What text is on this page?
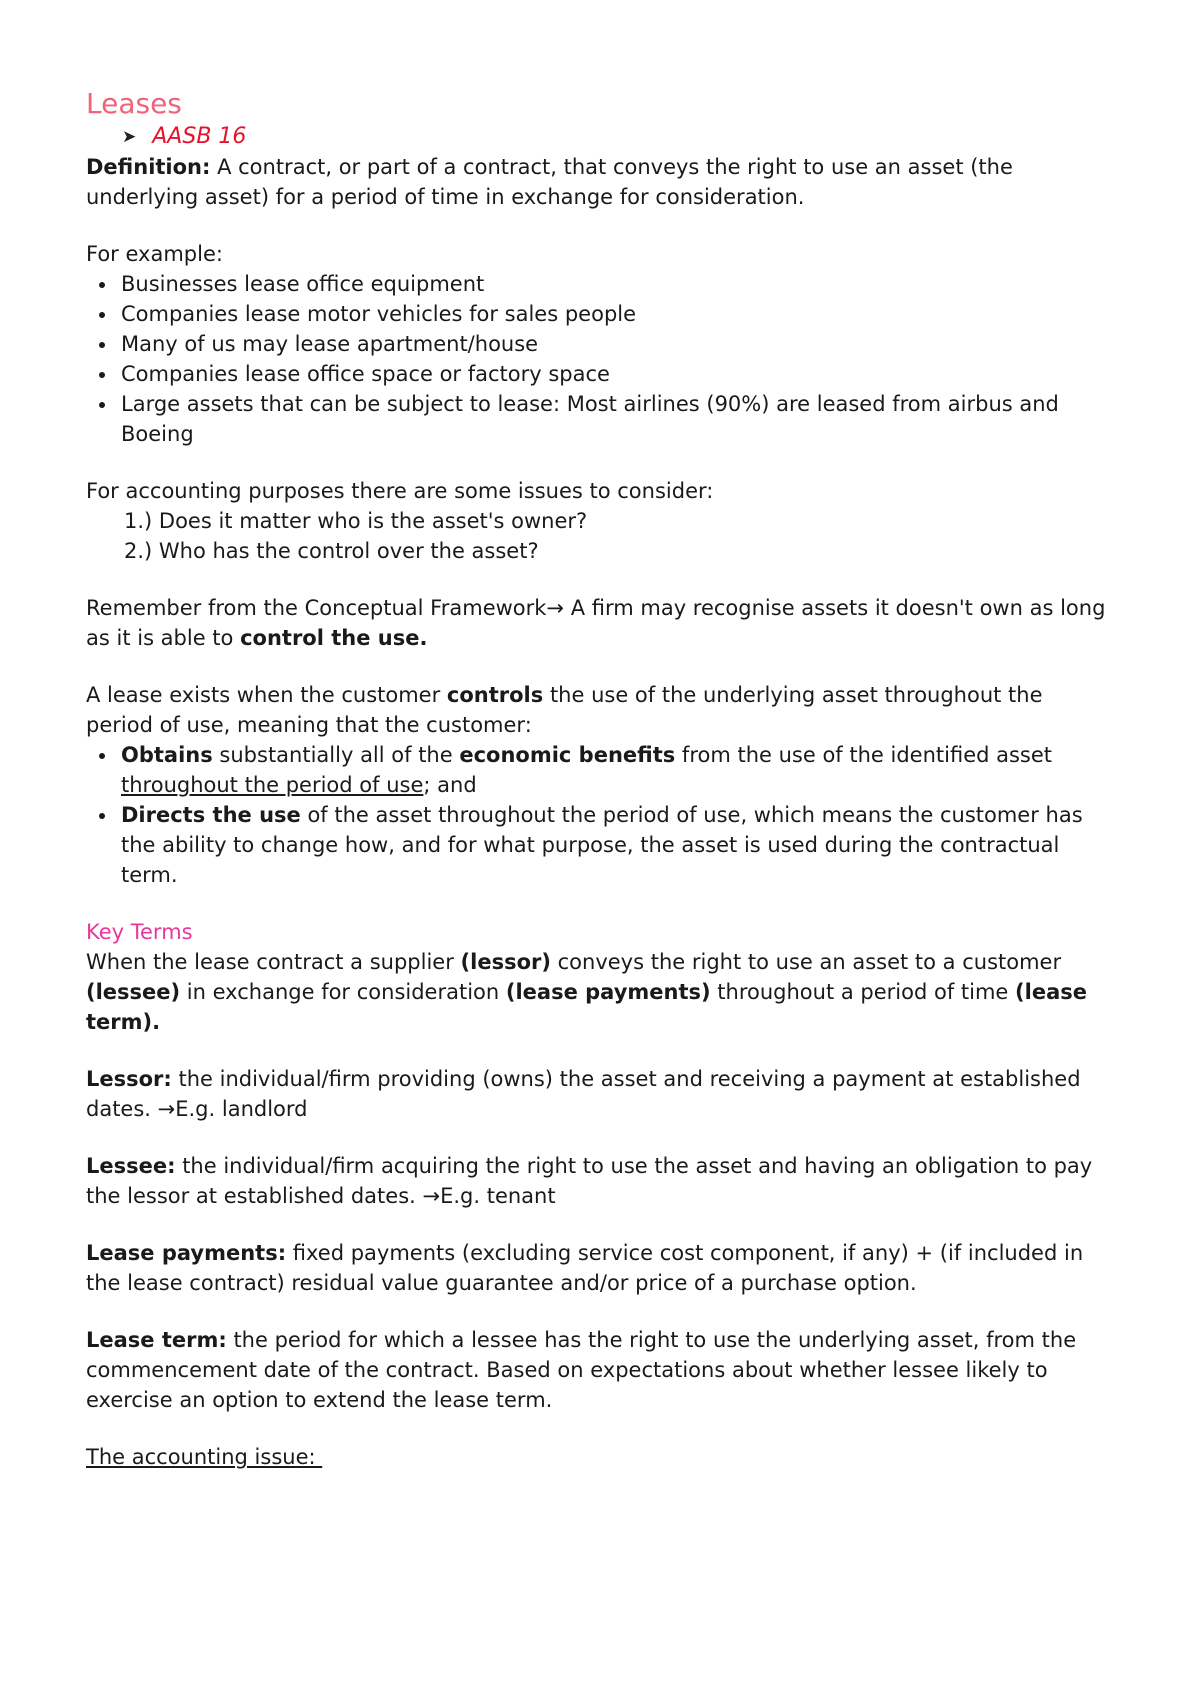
Leases
➤ AASB 16

Definition: A contract, or part of a contract, that conveys the right to use an asset (the underlying asset) for a period of time in exchange for consideration.

For example:

Businesses lease office equipment
Companies lease motor vehicles for sales people
Many of us may lease apartment/house
Companies lease office space or factory space
Large assets that can be subject to lease: Most airlines (90%) are leased from airbus and Boeing

For accounting purposes there are some issues to consider:

1.) Does it matter who is the asset's owner?
2.) Who has the control over the asset?

Remember from the Conceptual Framework→ A firm may recognise assets it doesn't own as long as it is able to control the use.

A lease exists when the customer controls the use of the underlying asset throughout the period of use, meaning that the customer:

Obtains substantially all of the economic benefits from the use of the identified asset throughout the period of use; and
Directs the use of the asset throughout the period of use, which means the customer has the ability to change how, and for what purpose, the asset is used during the contractual term.

Key Terms

When the lease contract a supplier (lessor) conveys the right to use an asset to a customer (lessee) in exchange for consideration (lease payments) throughout a period of time (lease term).

Lessor: the individual/firm providing (owns) the asset and receiving a payment at established dates. →E.g. landlord

Lessee: the individual/firm acquiring the right to use the asset and having an obligation to pay the lessor at established dates. →E.g. tenant

Lease payments: fixed payments (excluding service cost component, if any) + (if included in the lease contract) residual value guarantee and/or price of a purchase option.

Lease term: the period for which a lessee has the right to use the underlying asset, from the commencement date of the contract. Based on expectations about whether lessee likely to exercise an option to extend the lease term.

The accounting issue:
